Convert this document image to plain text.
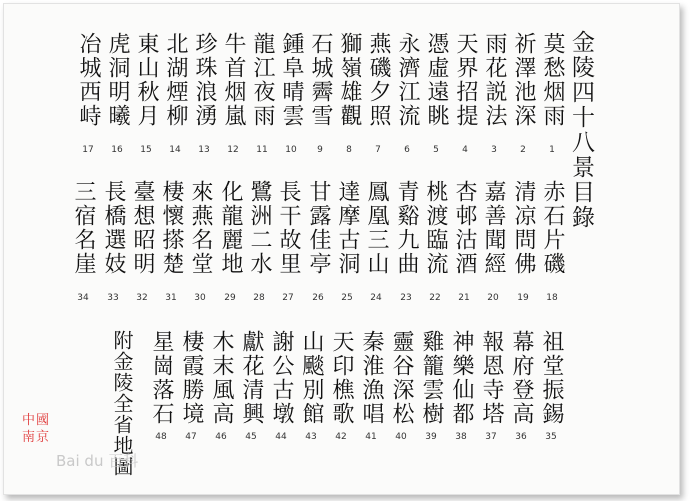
金陵四十八景目錄
莫愁烟雨
1
祈澤池深
2
雨花説法
3
天界招提
4
憑虛遠眺
5
永濟江流
6
燕磯夕照
7
獅嶺雄觀
8
石城霽雪
9
鍾阜晴雲
10
龍江夜雨
11
牛首烟嵐
12
珍珠浪湧
13
北湖煙柳
14
東山秋月
15
虎洞明曦
16
冶城西峙
17
赤石片磯
18
清凉問佛
19
嘉善聞經
20
杏邨沽酒
21
桃渡臨流
22
青谿九曲
23
鳳凰三山
24
達摩古洞
25
甘露佳亭
26
長干故里
27
鷺洲二水
28
化龍麗地
29
來燕名堂
30
棲懷搽楚
31
臺想昭明
32
長橋選妓
33
三宿名崖
34
祖堂振錫
35
幕府登高
36
報恩寺塔
37
神樂仙都
38
雞籠雲樹
39
靈谷深松
40
秦淮漁唱
41
天印樵歌
42
山颷別館
43
謝公古墩
44
獻花清興
45
木末風高
46
棲霞勝境
47
星崗落石
48
附金陵全省地圖
中國南京
Bai du 百科
